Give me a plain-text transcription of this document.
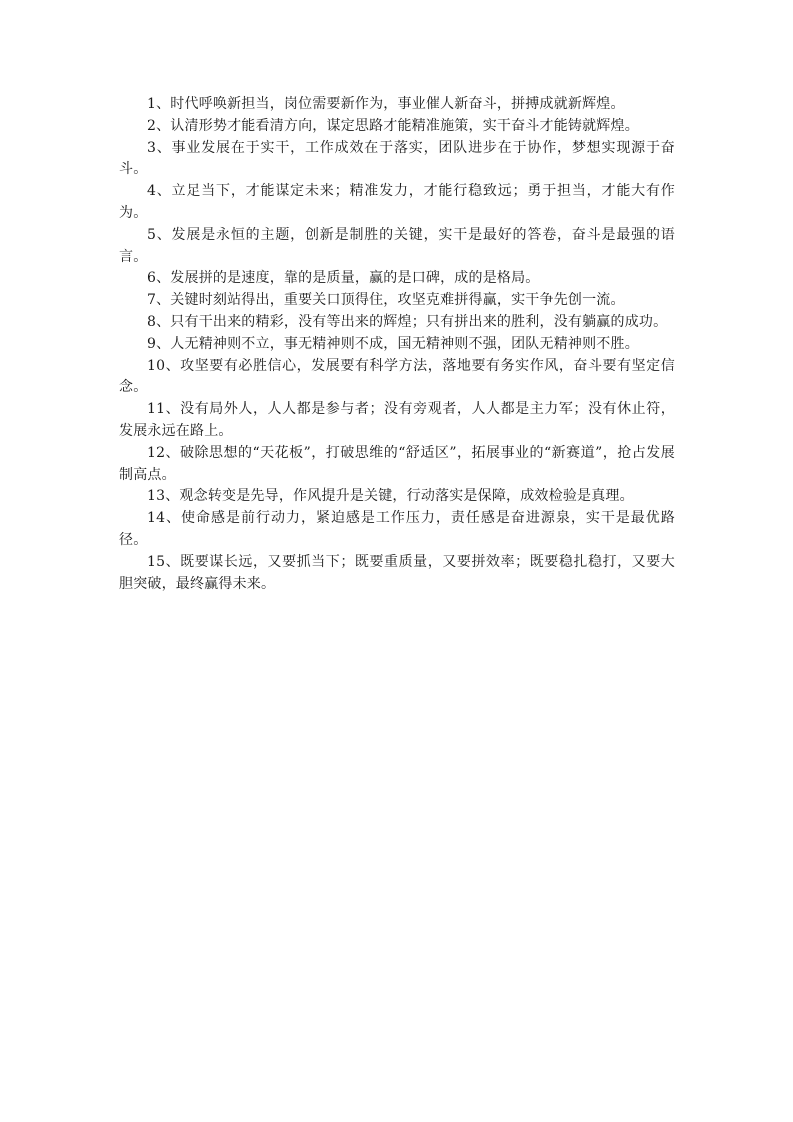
1、时代呼唤新担当，岗位需要新作为，事业催人新奋斗，拼搏成就新辉煌。

2、认清形势才能看清方向，谋定思路才能精准施策，实干奋斗才能铸就辉煌。

3、事业发展在于实干，工作成效在于落实，团队进步在于协作，梦想实现源于奋斗。

4、立足当下，才能谋定未来；精准发力，才能行稳致远；勇于担当，才能大有作为。

5、发展是永恒的主题，创新是制胜的关键，实干是最好的答卷，奋斗是最强的语言。

6、发展拼的是速度，靠的是质量，赢的是口碑，成的是格局。

7、关键时刻站得出，重要关口顶得住，攻坚克难拼得赢，实干争先创一流。

8、只有干出来的精彩，没有等出来的辉煌；只有拼出来的胜利，没有躺赢的成功。

9、人无精神则不立，事无精神则不成，国无精神则不强，团队无精神则不胜。

10、攻坚要有必胜信心，发展要有科学方法，落地要有务实作风，奋斗要有坚定信念。

11、没有局外人，人人都是参与者；没有旁观者，人人都是主力军；没有休止符，发展永远在路上。

12、破除思想的“天花板”，打破思维的“舒适区”，拓展事业的“新赛道”，抢占发展制高点。

13、观念转变是先导，作风提升是关键，行动落实是保障，成效检验是真理。

14、使命感是前行动力，紧迫感是工作压力，责任感是奋进源泉，实干是最优路径。

15、既要谋长远，又要抓当下；既要重质量，又要拼效率；既要稳扎稳打，又要大胆突破，最终赢得未来。
